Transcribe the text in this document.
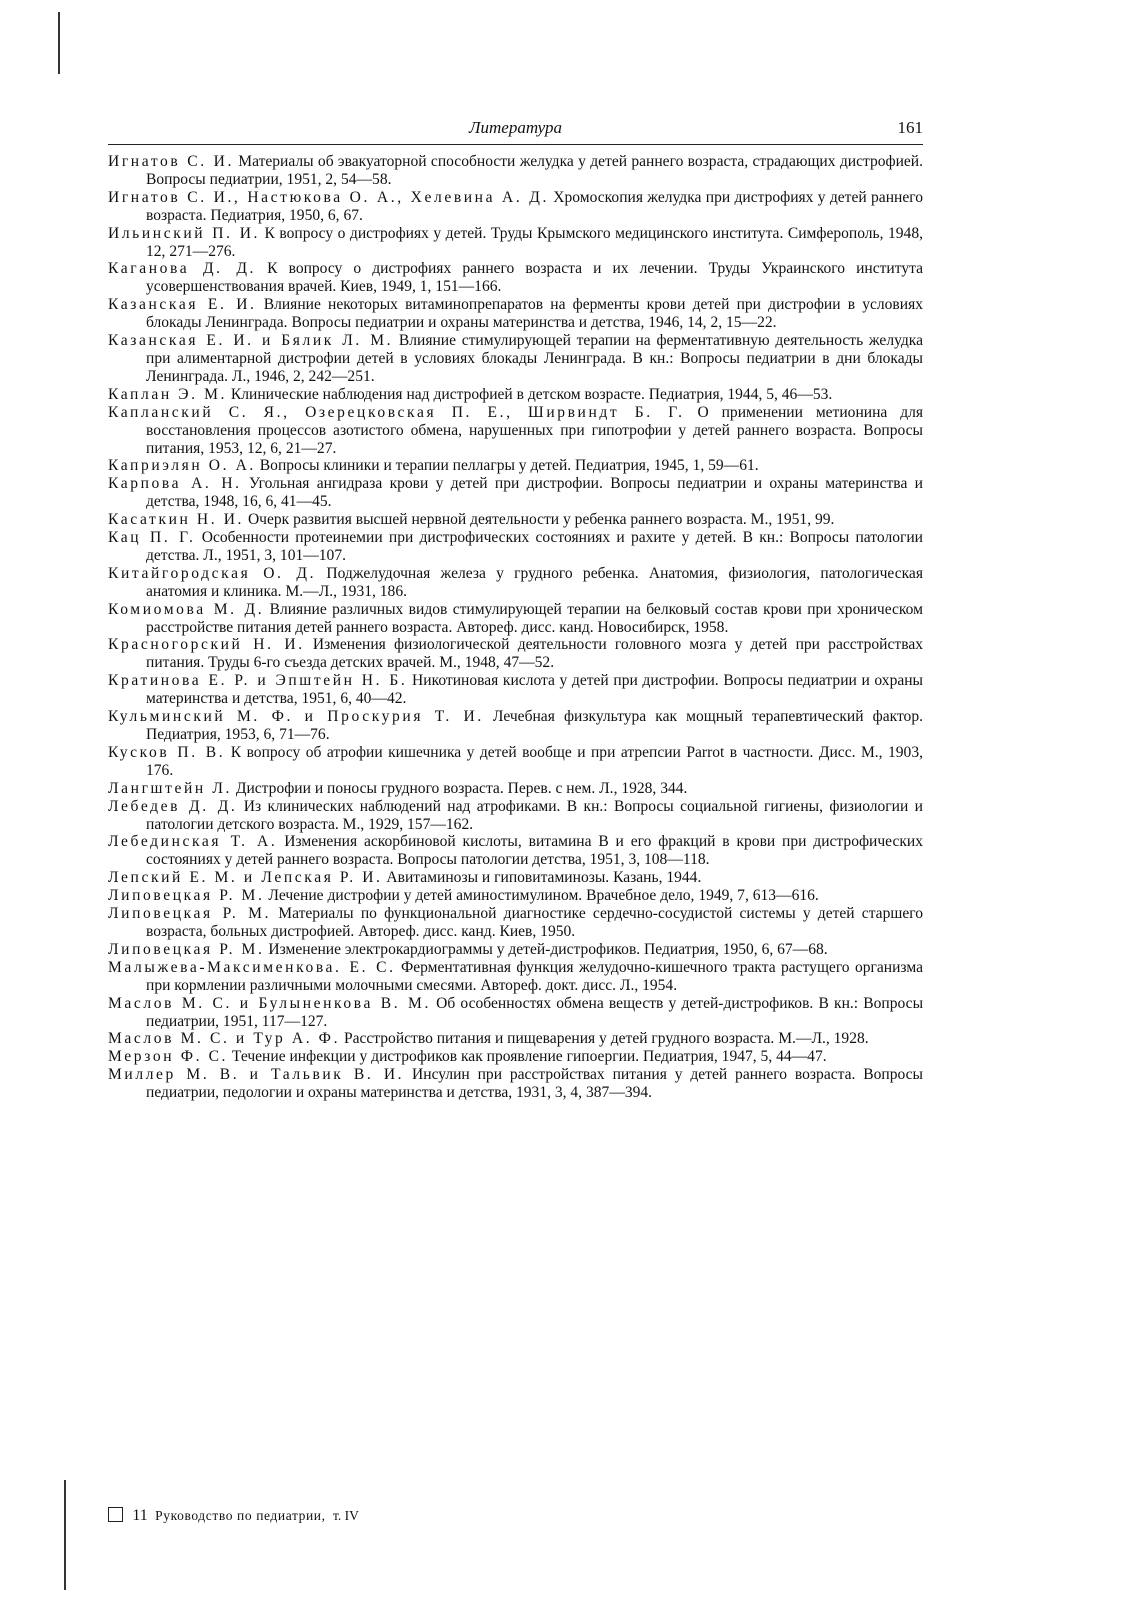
Литература	161
Игнатов С. И. Материалы об эвакуаторной способности желудка у детей раннего возраста, страдающих дистрофией. Вопросы педиатрии, 1951, 2, 54—58.
Игнатов С. И., Настюкова О. А., Хелевина А. Д. Хромоскопия желудка при дистрофиях у детей раннего возраста. Педиатрия, 1950, 6, 67.
Ильинский П. И. К вопросу о дистрофиях у детей. Труды Крымского медицинского института. Симферополь, 1948, 12, 271—276.
Каганова Д. Д. К вопросу о дистрофиях раннего возраста и их лечении. Труды Украинского института усовершенствования врачей. Киев, 1949, 1, 151—166.
Казанская Е. И. Влияние некоторых витаминопрепаратов на ферменты крови детей при дистрофии в условиях блокады Ленинграда. Вопросы педиатрии и охраны материнства и детства, 1946, 14, 2, 15—22.
Казанская Е. И. и Бялик Л. М. Влияние стимулирующей терапии на ферментативную деятельность желудка при алиментарной дистрофии детей в условиях блокады Ленинграда. В кн.: Вопросы педиатрии в дни блокады Ленинграда. Л., 1946, 2, 242—251.
Каплан Э. М. Клинические наблюдения над дистрофией в детском возрасте. Педиатрия, 1944, 5, 46—53.
Капланский С. Я., Озерецковская П. Е., Ширвиндт Б. Г. О применении метионина для восстановления процессов азотистого обмена, нарушенных при гипотрофии у детей раннего возраста. Вопросы питания, 1953, 12, 6, 21—27.
Каприэлян О. А. Вопросы клиники и терапии пеллагры у детей. Педиатрия, 1945, 1, 59—61.
Карпова А. Н. Угольная ангидраза крови у детей при дистрофии. Вопросы педиатрии и охраны материнства и детства, 1948, 16, 6, 41—45.
Касаткин Н. И. Очерк развития высшей нервной деятельности у ребенка раннего возраста. М., 1951, 99.
Кац П. Г. Особенности протеинемии при дистрофических состояниях и рахите у детей. В кн.: Вопросы патологии детства. Л., 1951, 3, 101—107.
Китайгородская О. Д. Поджелудочная железа у грудного ребенка. Анатомия, физиология, патологическая анатомия и клиника. М.—Л., 1931, 186.
Комиомова М. Д. Влияние различных видов стимулирующей терапии на белковый состав крови при хроническом расстройстве питания детей раннего возраста. Автореф. дисс. канд. Новосибирск, 1958.
Красногорский Н. И. Изменения физиологической деятельности головного мозга у детей при расстройствах питания. Труды 6-го съезда детских врачей. М., 1948, 47—52.
Кратинова Е. Р. и Эпштейн Н. Б. Никотиновая кислота у детей при дистрофии. Вопросы педиатрии и охраны материнства и детства, 1951, 6, 40—42.
Кульминский М. Ф. и Проскурия Т. И. Лечебная физкультура как мощный терапевтический фактор. Педиатрия, 1953, 6, 71—76.
Кусков П. В. К вопросу об атрофии кишечника у детей вообще и при атрепсии Parrot в частности. Дисс. М., 1903, 176.
Лангштейн Л. Дистрофии и поносы грудного возраста. Перев. с нем. Л., 1928, 344.
Лебедев Д. Д. Из клинических наблюдений над атрофиками. В кн.: Вопросы социальной гигиены, физиологии и патологии детского возраста. М., 1929, 157—162.
Лебединская Т. А. Изменения аскорбиновой кислоты, витамина В и его фракций в крови при дистрофических состояниях у детей раннего возраста. Вопросы патологии детства, 1951, 3, 108—118.
Лепский Е. М. и Лепская Р. И. Авитаминозы и гиповитаминозы. Казань, 1944.
Липовецкая Р. М. Лечение дистрофии у детей аминостимулином. Врачебное дело, 1949, 7, 613—616.
Липовецкая Р. М. Материалы по функциональной диагностике сердечно-сосудистой системы у детей старшего возраста, больных дистрофией. Автореф. дисс. канд. Киев, 1950.
Липовецкая Р. М. Изменение электрокардиограммы у детей-дистрофиков. Педиатрия, 1950, 6, 67—68.
Малыжева-Максименкова. Е. С. Ферментативная функция желудочно-кишечного тракта растущего организма при кормлении различными молочными смесями. Автореф. докт. дисс. Л., 1954.
Маслов М. С. и Булыненкова В. М. Об особенностях обмена веществ у детей-дистрофиков. В кн.: Вопросы педиатрии, 1951, 117—127.
Маслов М. С. и Тур А. Ф. Расстройство питания и пищеварения у детей грудного возраста. М.—Л., 1928.
Мерзон Ф. С. Течение инфекции у дистрофиков как проявление гипоергии. Педиатрия, 1947, 5, 44—47.
Миллер М. В. и Тальвик В. И. Инсулин при расстройствах питания у детей раннего возраста. Вопросы педиатрии, педологии и охраны материнства и детства, 1931, 3, 4, 387—394.
11 Руководство по педиатрии, т. IV
